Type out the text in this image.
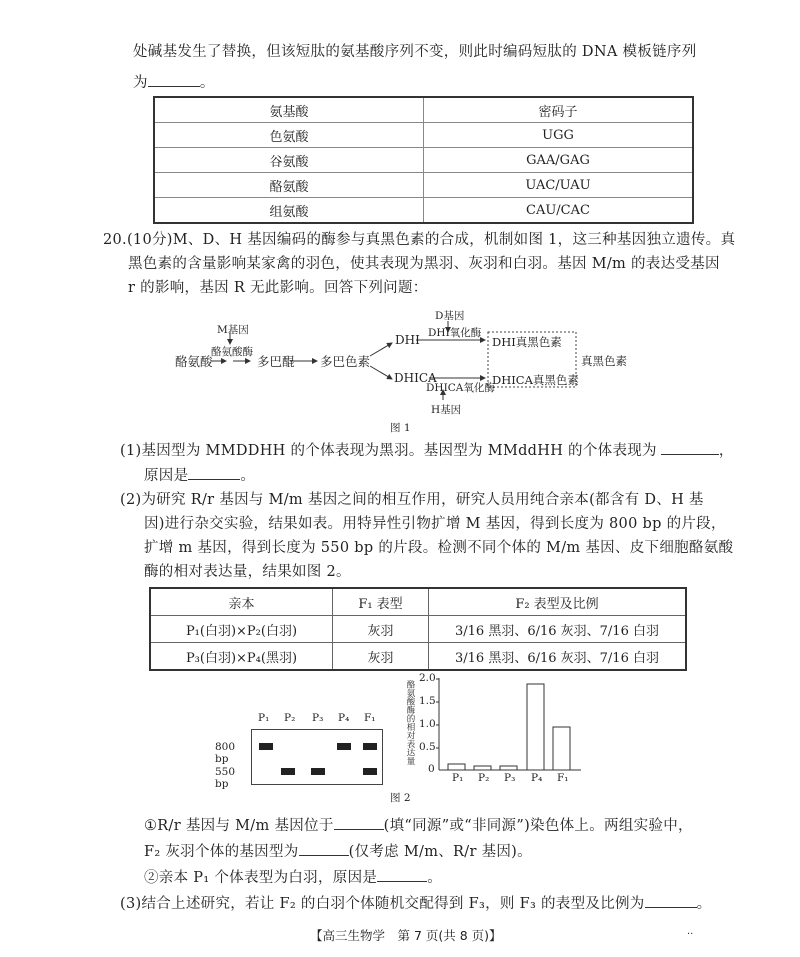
处碱基发生了替换，但该短肽的氨基酸序列不变，则此时编码短肽的 DNA 模板链序列
为	。
氨基酸	密码子
色氨酸	UGG
谷氨酸	GAA/GAG
酪氨酸	UAC/UAU
组氨酸	CAU/CAC
20.(10分)M、D、H 基因编码的酶参与真黑色素的合成，机制如图 1，这三种基因独立遗传。真
黑色素的含量影响某家禽的羽色，使其表现为黑羽、灰羽和白羽。基因 M/m 的表达受基因
r 的影响，基因 R 无此影响。回答下列问题：
M基因
酪氨酸酶
酪氨酸	多巴醌 多巴色素
DHI
DHICA
D基因
DHI氧化酶
DHICA氧化酶
H基因
DHI真黑色素
DHICA真黑色素
真黑色素
图 1
(1)基因型为 MMDDHH 的个体表现为黑羽。基因型为 MMddHH 的个体表现为	，
原因是	。
(2)为研究 R/r 基因与 M/m 基因之间的相互作用，研究人员用纯合亲本(都含有 D、H 基
因)进行杂交实验，结果如表。用特异性引物扩增 M 基因，得到长度为 800 bp 的片段，
扩增 m 基因，得到长度为 550 bp 的片段。检测不同个体的 M/m 基因、皮下细胞酪氨酸
酶的相对表达量，结果如图 2。
亲本	F₁ 表型	F₂ 表型及比例
P₁(白羽)×P₂(白羽)	灰羽	3/16 黑羽、6/16 灰羽、7/16 白羽
P₃(白羽)×P₄(黑羽)	灰羽	3/16 黑羽、6/16 灰羽、7/16 白羽
P₁ P₂ P₃ P₄ F₁
800 bp
550 bp
酪氨酸酶的相对表达量
2.0
1.5
1.0
0.5
0
P₁ P₂ P₃ P₄ F₁
图 2
①R/r 基因与 M/m 基因位于	(填“同源”或“非同源”)染色体上。两组实验中，
F₂ 灰羽个体的基因型为	(仅考虑 M/m、R/r 基因)。
②亲本 P₁ 个体表型为白羽，原因是	。
(3)结合上述研究，若让 F₂ 的白羽个体随机交配得到 F₃，则 F₃ 的表型及比例为	。
【高三生物学　第 7 页(共 8 页)】	..
